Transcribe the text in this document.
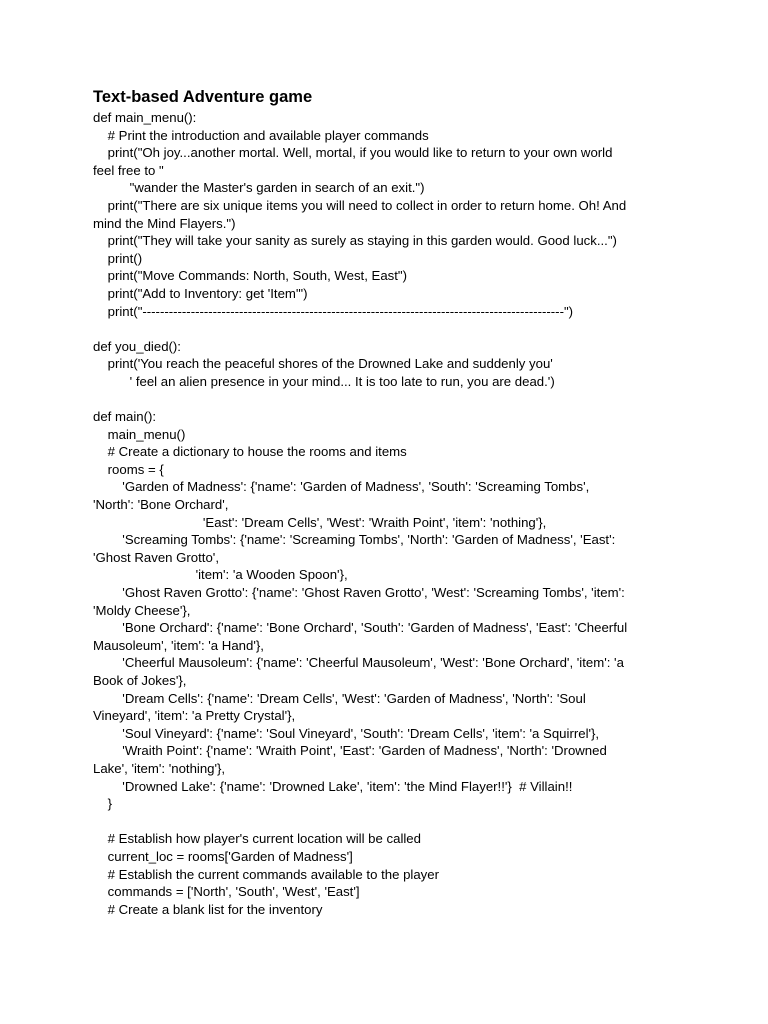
Text-based Adventure game
def main_menu():
# Print the introduction and available player commands
print("Oh joy...another mortal. Well, mortal, if you would like to return to your own world
feel free to "
"wander the Master's garden in search of an exit.")
print("There are six unique items you will need to collect in order to return home. Oh! And
mind the Mind Flayers.")
print("They will take your sanity as surely as staying in this garden would. Good luck...")
print()
print("Move Commands: North, South, West, East")
print("Add to Inventory: get 'Item'")
print("------------------------------------------------------------------------------------------------")
def you_died():
print('You reach the peaceful shores of the Drowned Lake and suddenly you'
' feel an alien presence in your mind... It is too late to run, you are dead.')
def main():
main_menu()
# Create a dictionary to house the rooms and items
rooms = {
'Garden of Madness': {'name': 'Garden of Madness', 'South': 'Screaming Tombs',
'North': 'Bone Orchard',
'East': 'Dream Cells', 'West': 'Wraith Point', 'item': 'nothing'},
'Screaming Tombs': {'name': 'Screaming Tombs', 'North': 'Garden of Madness', 'East':
'Ghost Raven Grotto',
'item': 'a Wooden Spoon'},
'Ghost Raven Grotto': {'name': 'Ghost Raven Grotto', 'West': 'Screaming Tombs', 'item':
'Moldy Cheese'},
'Bone Orchard': {'name': 'Bone Orchard', 'South': 'Garden of Madness', 'East': 'Cheerful
Mausoleum', 'item': 'a Hand'},
'Cheerful Mausoleum': {'name': 'Cheerful Mausoleum', 'West': 'Bone Orchard', 'item': 'a
Book of Jokes'},
'Dream Cells': {'name': 'Dream Cells', 'West': 'Garden of Madness', 'North': 'Soul
Vineyard', 'item': 'a Pretty Crystal'},
'Soul Vineyard': {'name': 'Soul Vineyard', 'South': 'Dream Cells', 'item': 'a Squirrel'},
'Wraith Point': {'name': 'Wraith Point', 'East': 'Garden of Madness', 'North': 'Drowned
Lake', 'item': 'nothing'},
'Drowned Lake': {'name': 'Drowned Lake', 'item': 'the Mind Flayer!!'}  # Villain!!
}
# Establish how player's current location will be called
current_loc = rooms['Garden of Madness']
# Establish the current commands available to the player
commands = ['North', 'South', 'West', 'East']
# Create a blank list for the inventory
